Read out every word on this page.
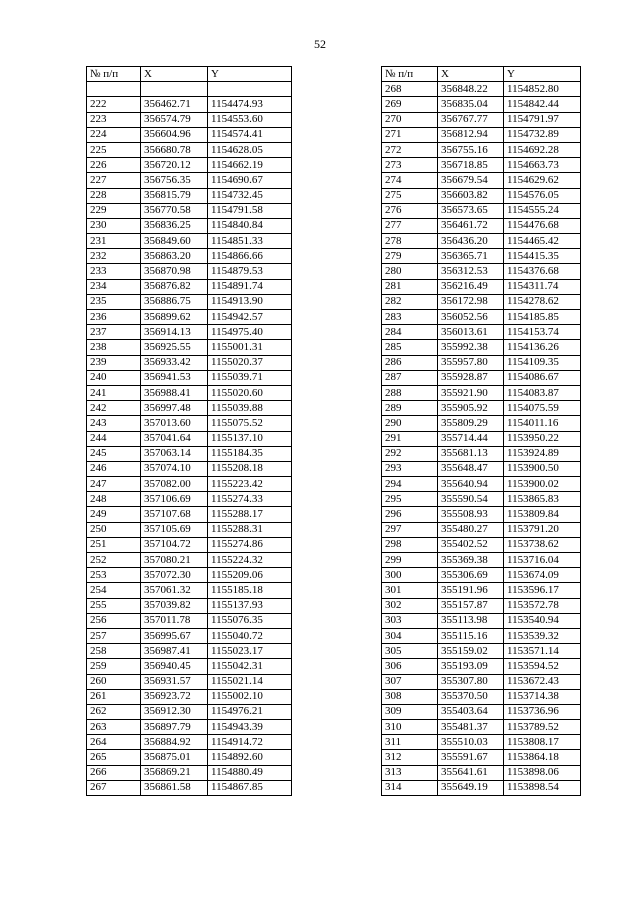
52
№ п/п	X	Y

222	356462.71	1154474.93
223	356574.79	1154553.60
224	356604.96	1154574.41
225	356680.78	1154628.05
226	356720.12	1154662.19
227	356756.35	1154690.67
228	356815.79	1154732.45
229	356770.58	1154791.58
230	356836.25	1154840.84
231	356849.60	1154851.33
232	356863.20	1154866.66
233	356870.98	1154879.53
234	356876.82	1154891.74
235	356886.75	1154913.90
236	356899.62	1154942.57
237	356914.13	1154975.40
238	356925.55	1155001.31
239	356933.42	1155020.37
240	356941.53	1155039.71
241	356988.41	1155020.60
242	356997.48	1155039.88
243	357013.60	1155075.52
244	357041.64	1155137.10
245	357063.14	1155184.35
246	357074.10	1155208.18
247	357082.00	1155223.42
248	357106.69	1155274.33
249	357107.68	1155288.17
250	357105.69	1155288.31
251	357104.72	1155274.86
252	357080.21	1155224.32
253	357072.30	1155209.06
254	357061.32	1155185.18
255	357039.82	1155137.93
256	357011.78	1155076.35
257	356995.67	1155040.72
258	356987.41	1155023.17
259	356940.45	1155042.31
260	356931.57	1155021.14
261	356923.72	1155002.10
262	356912.30	1154976.21
263	356897.79	1154943.39
264	356884.92	1154914.72
265	356875.01	1154892.60
266	356869.21	1154880.49
267	356861.58	1154867.85
№ п/п	X	Y
268	356848.22	1154852.80
269	356835.04	1154842.44
270	356767.77	1154791.97
271	356812.94	1154732.89
272	356755.16	1154692.28
273	356718.85	1154663.73
274	356679.54	1154629.62
275	356603.82	1154576.05
276	356573.65	1154555.24
277	356461.72	1154476.68
278	356436.20	1154465.42
279	356365.71	1154415.35
280	356312.53	1154376.68
281	356216.49	1154311.74
282	356172.98	1154278.62
283	356052.56	1154185.85
284	356013.61	1154153.74
285	355992.38	1154136.26
286	355957.80	1154109.35
287	355928.87	1154086.67
288	355921.90	1154083.87
289	355905.92	1154075.59
290	355809.29	1154011.16
291	355714.44	1153950.22
292	355681.13	1153924.89
293	355648.47	1153900.50
294	355640.94	1153900.02
295	355590.54	1153865.83
296	355508.93	1153809.84
297	355480.27	1153791.20
298	355402.52	1153738.62
299	355369.38	1153716.04
300	355306.69	1153674.09
301	355191.96	1153596.17
302	355157.87	1153572.78
303	355113.98	1153540.94
304	355115.16	1153539.32
305	355159.02	1153571.14
306	355193.09	1153594.52
307	355307.80	1153672.43
308	355370.50	1153714.38
309	355403.64	1153736.96
310	355481.37	1153789.52
311	355510.03	1153808.17
312	355591.67	1153864.18
313	355641.61	1153898.06
314	355649.19	1153898.54
